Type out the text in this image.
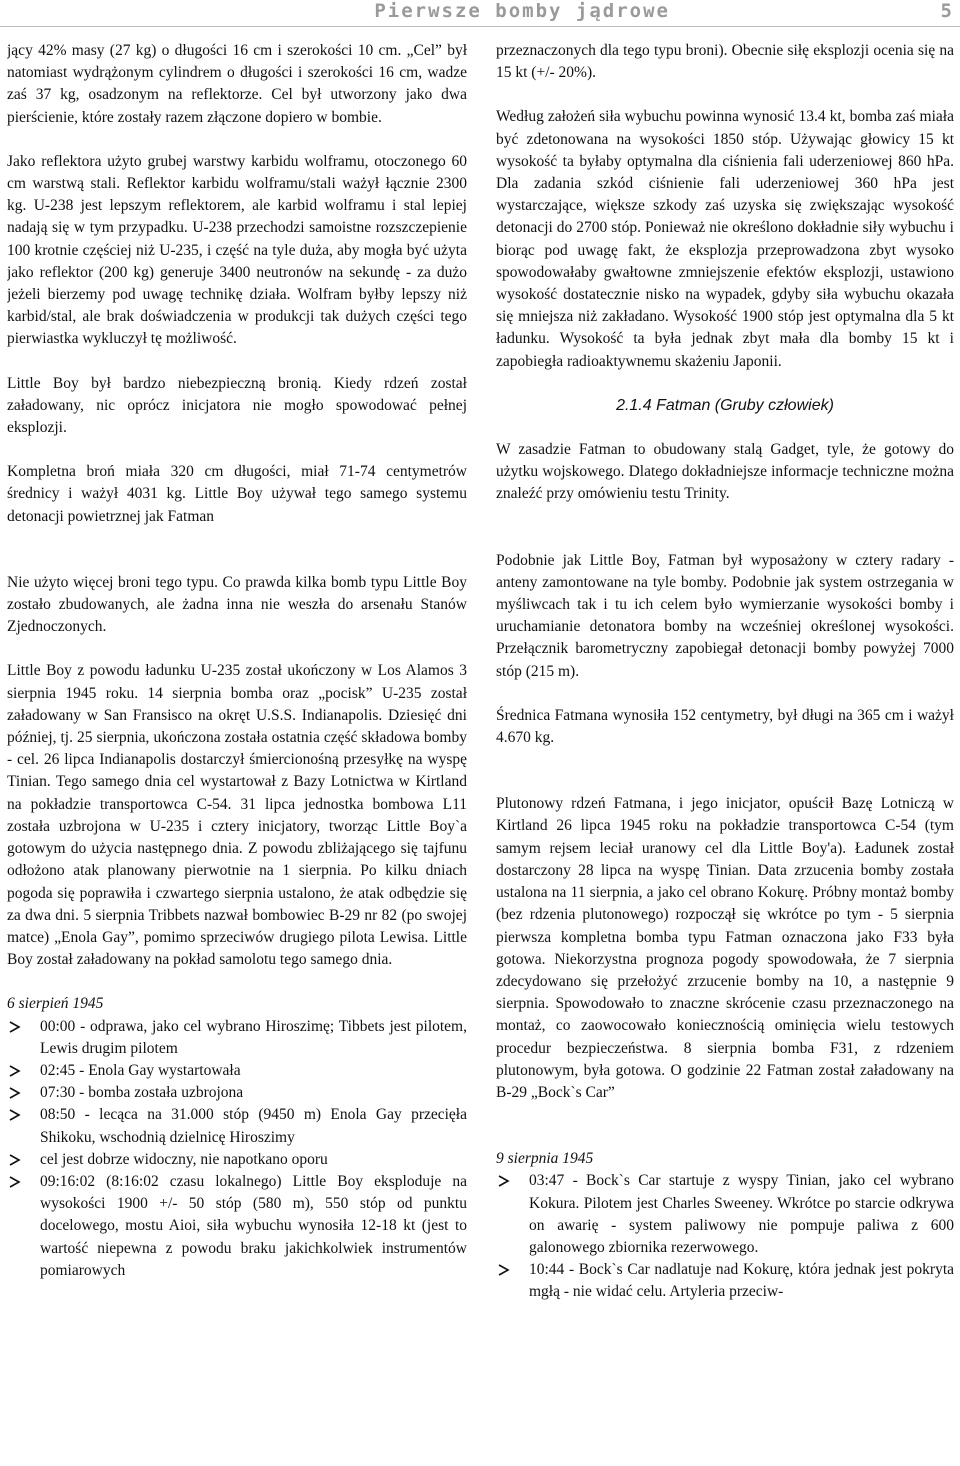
Pierwsze bomby jądrowe	5

jący 42% masy (27 kg) o długości 16 cm i szerokości 10 cm. „Cel” był natomiast wydrążonym cylindrem o długości i szerokości 16 cm, wadze zaś 37 kg, osadzonym na reflektorze. Cel był utworzony jako dwa pierścienie, które zostały razem złączone dopiero w bombie.

Jako reflektora użyto grubej warstwy karbidu wolframu, otoczonego 60 cm warstwą stali. Reflektor karbidu wolframu/stali ważył łącznie 2300 kg. U-238 jest lepszym reflektorem, ale karbid wolframu i stal lepiej nadają się w tym przypadku. U-238 przechodzi samoistne rozszczepienie 100 krotnie częściej niż U-235, i część na tyle duża, aby mogła być użyta jako reflektor (200 kg) generuje 3400 neutronów na sekundę - za dużo jeżeli bierzemy pod uwagę technikę działa. Wolfram byłby lepszy niż karbid/stal, ale brak doświadczenia w produkcji tak dużych części tego pierwiastka wykluczył tę możliwość.

Little Boy był bardzo niebezpieczną bronią. Kiedy rdzeń został załadowany, nic oprócz inicjatora nie mogło spowodować pełnej eksplozji.

Kompletna broń miała 320 cm długości, miał 71-74 centymetrów średnicy i ważył 4031 kg. Little Boy używał tego samego systemu detonacji powietrznej jak Fatman

Nie użyto więcej broni tego typu. Co prawda kilka bomb typu Little Boy zostało zbudowanych, ale żadna inna nie weszła do arsenału Stanów Zjednoczonych.

Little Boy z powodu ładunku U-235 został ukończony w Los Alamos 3 sierpnia 1945 roku. 14 sierpnia bomba oraz „pocisk” U-235 został załadowany w San Fransisco na okręt U.S.S. Indianapolis. Dziesięć dni później, tj. 25 sierpnia, ukończona została ostatnia część składowa bomby - cel. 26 lipca Indianapolis dostarczył śmiercionośną przesyłkę na wyspę Tinian. Tego samego dnia cel wystartował z Bazy Lotnictwa w Kirtland na pokładzie transportowca C-54. 31 lipca jednostka bombowa L11 została uzbrojona w U-235 i cztery inicjatory, tworząc Little Boy`a gotowym do użycia następnego dnia. Z powodu zbliżającego się tajfunu odłożono atak planowany pierwotnie na 1 sierpnia. Po kilku dniach pogoda się poprawiła i czwartego sierpnia ustalono, że atak odbędzie się za dwa dni. 5 sierpnia Tribbets nazwał bombowiec B-29 nr 82 (po swojej matce) „Enola Gay”, pomimo sprzeciwów drugiego pilota Lewisa. Little Boy został załadowany na pokład samolotu tego samego dnia.

6 sierpień 1945

00:00 - odprawa, jako cel wybrano Hiroszimę; Tibbets jest pilotem, Lewis drugim pilotem
02:45 - Enola Gay wystartowała
07:30 - bomba została uzbrojona
08:50 - lecąca na 31.000 stóp (9450 m) Enola Gay przecięła Shikoku, wschodnią dzielnicę Hiroszimy
cel jest dobrze widoczny, nie napotkano oporu
09:16:02 (8:16:02 czasu lokalnego) Little Boy eksploduje na wysokości 1900 +/- 50 stóp (580 m), 550 stóp od punktu docelowego, mostu Aioi, siła wybuchu wynosiła 12-18 kt (jest to wartość niepewna z powodu braku jakichkolwiek instrumentów pomiarowych

przeznaczonych dla tego typu broni). Obecnie siłę eksplozji ocenia się na 15 kt (+/- 20%).

Według założeń siła wybuchu powinna wynosić 13.4 kt, bomba zaś miała być zdetonowana na wysokości 1850 stóp. Używając głowicy 15 kt wysokość ta byłaby optymalna dla ciśnienia fali uderzeniowej 860 hPa. Dla zadania szkód ciśnienie fali uderzeniowej 360 hPa jest wystarczające, większe szkody zaś uzyska się zwiększając wysokość detonacji do 2700 stóp. Ponieważ nie określono dokładnie siły wybuchu i biorąc pod uwagę fakt, że eksplozja przeprowadzona zbyt wysoko spowodowałaby gwałtowne zmniejszenie efektów eksplozji, ustawiono wysokość dostatecznie nisko na wypadek, gdyby siła wybuchu okazała się mniejsza niż zakładano. Wysokość 1900 stóp jest optymalna dla 5 kt ładunku. Wysokość ta była jednak zbyt mała dla bomby 15 kt i zapobiegła radioaktywnemu skażeniu Japonii.

2.1.4 Fatman (Gruby człowiek)

W zasadzie Fatman to obudowany stalą Gadget, tyle, że gotowy do użytku wojskowego. Dlatego dokładniejsze informacje techniczne można znaleźć przy omówieniu testu Trinity.

Podobnie jak Little Boy, Fatman był wyposażony w cztery radary - anteny zamontowane na tyle bomby. Podobnie jak system ostrzegania w myśliwcach tak i tu ich celem było wymierzanie wysokości bomby i uruchamianie detonatora bomby na wcześniej określonej wysokości. Przełącznik barometryczny zapobiegał detonacji bomby powyżej 7000 stóp (215 m).

Średnica Fatmana wynosiła 152 centymetry, był długi na 365 cm i ważył 4.670 kg.

Plutonowy rdzeń Fatmana, i jego inicjator, opuścił Bazę Lotniczą w Kirtland 26 lipca 1945 roku na pokładzie transportowca C-54 (tym samym rejsem leciał uranowy cel dla Little Boy'a). Ładunek został dostarczony 28 lipca na wyspę Tinian. Data zrzucenia bomby została ustalona na 11 sierpnia, a jako cel obrano Kokurę. Próbny montaż bomby (bez rdzenia plutonowego) rozpoczął się wkrótce po tym - 5 sierpnia pierwsza kompletna bomba typu Fatman oznaczona jako F33 była gotowa. Niekorzystna prognoza pogody spowodowała, że 7 sierpnia zdecydowano się przełożyć zrzucenie bomby na 10, a następnie 9 sierpnia. Spowodowało to znaczne skrócenie czasu przeznaczonego na montaż, co zaowocowało koniecznością ominięcia wielu testowych procedur bezpieczeństwa. 8 sierpnia bomba F31, z rdzeniem plutonowym, była gotowa. O godzinie 22 Fatman został załadowany na B-29 „Bock`s Car”

9 sierpnia 1945

03:47 - Bock`s Car startuje z wyspy Tinian, jako cel wybrano Kokura. Pilotem jest Charles Sweeney. Wkrótce po starcie odkrywa on awarię - system paliwowy nie pompuje paliwa z 600 galonowego zbiornika rezerwowego.
10:44 - Bock`s Car nadlatuje nad Kokurę, która jednak jest pokryta mgłą - nie widać celu. Artyleria przeciw-
